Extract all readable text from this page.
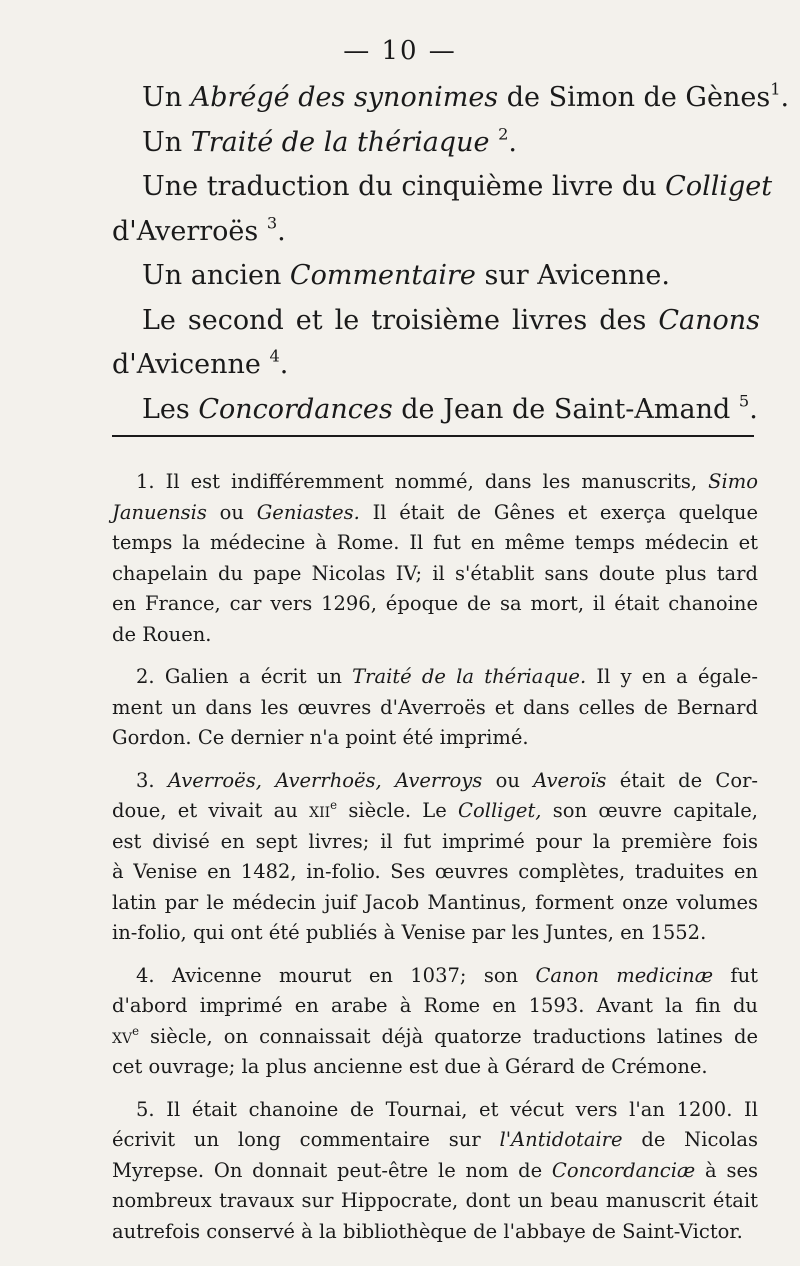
— 10 —
Un Abrégé des synonimes de Simon de Gènes$^1$.
Un Traité de la thériaque $^2$.
Une traduction du cinquième livre du Colliget
d'Averroës $^3$.
Un ancien Commentaire sur Avicenne.
Le second et le troisième livres des Canons
d'Avicenne $^4$.
Les Concordances de Jean de Saint-Amand $^5$.
1. Il est indifféremment nommé, dans les manuscrits, Simo
Januensis ou Geniastes. Il était de Gênes et exerça quelque
temps la médecine à Rome. Il fut en même temps médecin et
chapelain du pape Nicolas IV; il s'établit sans doute plus tard
en France, car vers 1296, époque de sa mort, il était chanoine
de Rouen.
2. Galien a écrit un Traité de la thériaque. Il y en a égale-
ment un dans les œuvres d'Averroës et dans celles de Bernard
Gordon. Ce dernier n'a point été imprimé.
3. Averroës, Averrhoës, Averroys ou Averoïs était de Cor-
doue, et vivait au xii$^e$ siècle. Le Colliget, son œuvre capitale,
est divisé en sept livres; il fut imprimé pour la première fois
à Venise en 1482, in-folio. Ses œuvres complètes, traduites en
latin par le médecin juif Jacob Mantinus, forment onze volumes
in-folio, qui ont été publiés à Venise par les Juntes, en 1552.
4. Avicenne mourut en 1037; son Canon medicinæ fut
d'abord imprimé en arabe à Rome en 1593. Avant la fin du
$xv^e$ siècle, on connaissait déjà quatorze traductions latines de
cet ouvrage; la plus ancienne est due à Gérard de Crémone.
5. Il était chanoine de Tournai, et vécut vers l'an 1200. Il
écrivit un long commentaire sur l'Antidotaire de Nicolas
Myrepse. On donnait peut-être le nom de Concordanciæ à ses
nombreux travaux sur Hippocrate, dont un beau manuscrit était
autrefois conservé à la bibliothèque de l'abbaye de Saint-Victor.
